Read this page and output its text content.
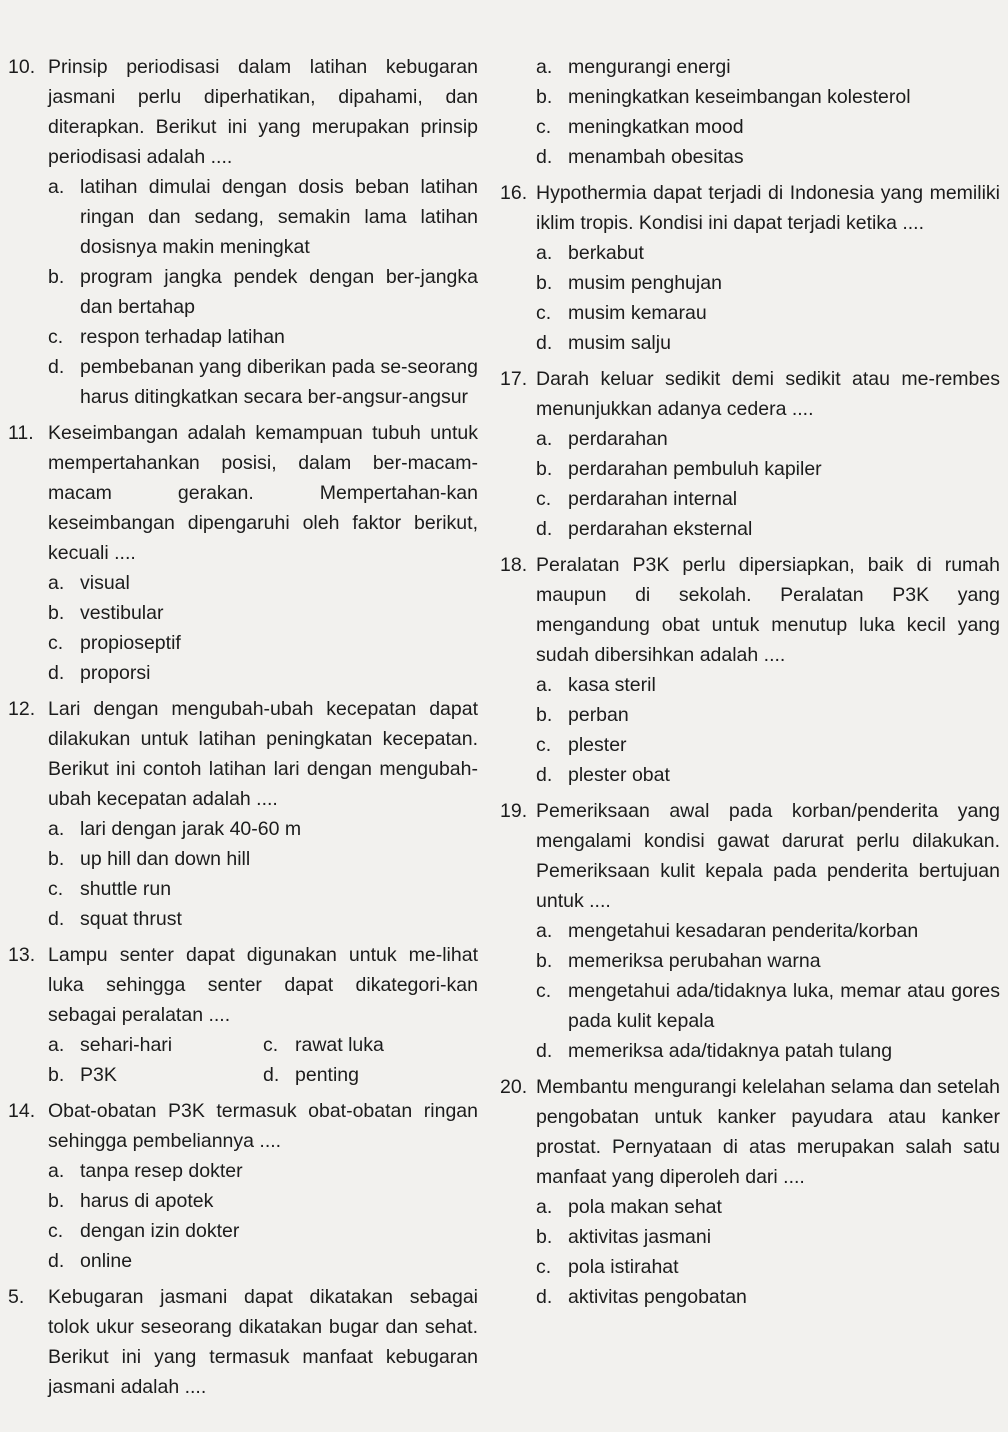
10. Prinsip periodisasi dalam latihan kebugaran jasmani perlu diperhatikan, dipahami, dan diterapkan. Berikut ini yang merupakan prinsip periodisasi adalah ....
a. latihan dimulai dengan dosis beban latihan ringan dan sedang, semakin lama latihan dosisnya makin meningkat
b. program jangka pendek dengan ber-jangka dan bertahap
c. respon terhadap latihan
d. pembebanan yang diberikan pada se-seorang harus ditingkatkan secara ber-angsur-angsur
11. Keseimbangan adalah kemampuan tubuh untuk mempertahankan posisi, dalam ber-macam-macam gerakan. Mempertahan-kan keseimbangan dipengaruhi oleh faktor berikut, kecuali ....
a. visual
b. vestibular
c. propioseptif
d. proporsi
12. Lari dengan mengubah-ubah kecepatan dapat dilakukan untuk latihan peningkatan kecepatan. Berikut ini contoh latihan lari dengan mengubah-ubah kecepatan adalah ....
a. lari dengan jarak 40-60 m
b. up hill dan down hill
c. shuttle run
d. squat thrust
13. Lampu senter dapat digunakan untuk me-lihat luka sehingga senter dapat dikategori-kan sebagai peralatan ....
a. sehari-hari	c. rawat luka
b. P3K	d. penting
14. Obat-obatan P3K termasuk obat-obatan ringan sehingga pembeliannya ....
a. tanpa resep dokter
b. harus di apotek
c. dengan izin dokter
d. online
5. Kebugaran jasmani dapat dikatakan sebagai tolok ukur seseorang dikatakan bugar dan sehat. Berikut ini yang termasuk manfaat kebugaran jasmani adalah ....
a. mengurangi energi
b. meningkatkan keseimbangan kolesterol
c. meningkatkan mood
d. menambah obesitas
16. Hypothermia dapat terjadi di Indonesia yang memiliki iklim tropis. Kondisi ini dapat terjadi ketika ....
a. berkabut
b. musim penghujan
c. musim kemarau
d. musim salju
17. Darah keluar sedikit demi sedikit atau me-rembes menunjukkan adanya cedera ....
a. perdarahan
b. perdarahan pembuluh kapiler
c. perdarahan internal
d. perdarahan eksternal
18. Peralatan P3K perlu dipersiapkan, baik di rumah maupun di sekolah. Peralatan P3K yang mengandung obat untuk menutup luka kecil yang sudah dibersihkan adalah ....
a. kasa steril
b. perban
c. plester
d. plester obat
19. Pemeriksaan awal pada korban/penderita yang mengalami kondisi gawat darurat perlu dilakukan. Pemeriksaan kulit kepala pada penderita bertujuan untuk ....
a. mengetahui kesadaran penderita/korban
b. memeriksa perubahan warna
c. mengetahui ada/tidaknya luka, memar atau gores pada kulit kepala
d. memeriksa ada/tidaknya patah tulang
20. Membantu mengurangi kelelahan selama dan setelah pengobatan untuk kanker payudara atau kanker prostat. Pernyataan di atas merupakan salah satu manfaat yang diperoleh dari ....
a. pola makan sehat
b. aktivitas jasmani
c. pola istirahat
d. aktivitas pengobatan
